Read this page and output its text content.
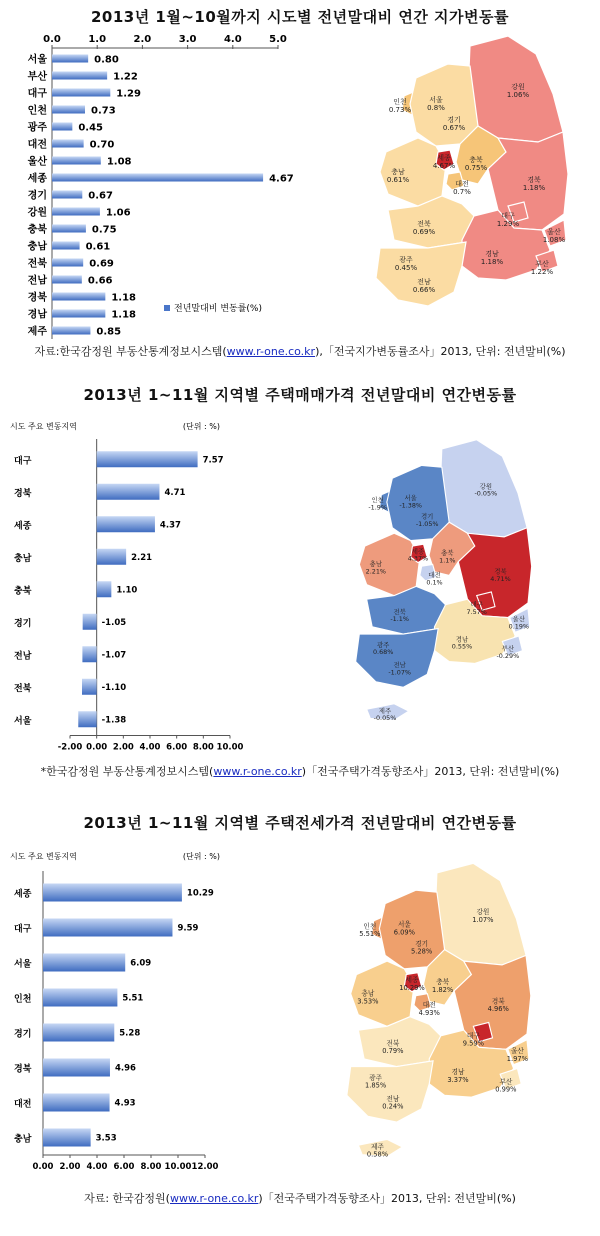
2013년 1월~10월까지 시도별 전년말대비 연간 지가변동률
0.0	1.0	2.0	3.0	4.0	5.0
서울	0.80
부산	1.22
대구	1.29
인천	0.73
광주	0.45
대전	0.70
울산	1.08
세종	4.67
경기	0.67
강원	1.06
충북	0.75
충남	0.61
전북	0.69
전남	0.66
경북	1.18
경남	1.18
제주	0.85
전년말대비 변동률(%)
강원
1.06%
서울
0.8%
인천
0.73%
경기
0.67%
충북
0.75%
충남
0.61%
세종
4.67%
대전
0.7%
경북
1.18%
대구
1.29%
울산
1.08%
전북
0.69%
경남
1.18%	부산
1.22%
광주
0.45%
전남
0.66%
자료:한국감정원 부동산통계정보시스템(www.r-one.co.kr),「전국지가변동률조사」2013, 단위: 전년말비(%)
2013년 1~11월 지역별 주택매매가격 전년말대비 연간변동률
시도 주요 변동지역	(단위 : %)
-2.00 0.00 2.00 4.00 6.00 8.00 10.00
대구	7.57
경북	4.71
세종	4.37
충남	2.21
충북	1.10
경기	-1.05
전남	-1.07
전북	-1.10
서울	-1.38
강원
-0.05%
서울
-1.38%
인천
-1.9%
경기
-1.05%
충북
1.1%
충남
2.21%
세종
4.37%
대전
0.1%
경북
4.71%
대구
7.57%
울산
0.19%
전북
-1.1%
경남
0.55%	부산
-0.29%
광주
0.68%
전남
-1.07%
제주
-0.05%
*한국감정원 부동산통계정보시스템(www.r-one.co.kr)「전국주택가격동향조사」2013, 단위: 전년말비(%)
2013년 1~11월 지역별 주택전세가격 전년말대비 연간변동률
시도 주요 변동지역	(단위 : %)
0.00 2.00 4.00 6.00 8.00 10.00 12.00
세종	10.29
대구	9.59
서울	6.09
인천	5.51
경기	5.28
경북	4.96
대전	4.93
충남	3.53
강원
1.07%
서울
6.09%
인천
5.51%
경기
5.28%
충북
1.82%
충남
3.53%
세종
10.29%
대전
4.93%
경북
4.96%
대구
9.59%
울산
1.97%
전북
0.79%
경남
3.37%	부산
0.99%
광주
1.85%
전남
0.24%
제주
0.58%
자료: 한국감정원(www.r-one.co.kr)「전국주택가격동향조사」2013, 단위: 전년말비(%)
